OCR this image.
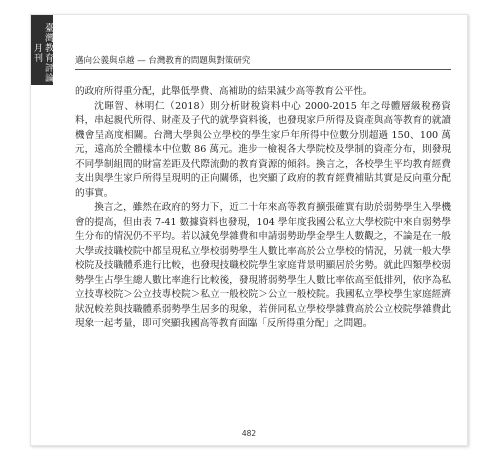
臺灣教育評論月刊	邁向公義與卓越 — 台灣教育的問題與對策研究

的政府所得重分配，此舉低學費、高補助的結果減少高等教育公平性。

沈暉智、林明仁（2018）則分析財稅資料中心 2000-2015 年之母體層級稅務資料，串起親代所得、財產及子代的就學資料後，也發現家戶所得及資產與高等教育的就讀機會呈高度相關。台灣大學與公立學校的學生家戶年所得中位數分別超過 150、100 萬元，遠高於全體樣本中位數 86 萬元。進步一檢視各大學院校及學制的資產分布，則發現不同學制組間的財富差距及代際流動的教育資源的傾斜。換言之，各校學生平均教育經費支出與學生家戶所得呈現明的正向關係，也突顯了政府的教育經費補貼其實是反向重分配的事實。

換言之，雖然在政府的努力下，近二十年來高等教育擴張確實有助於弱勢學生入學機會的提高，但由表 7-41 數據資料也發現，104 學年度我國公私立大學校院中來自弱勢學生分布的情況仍不平均。若以減免學雜費和申請弱勢助學金學生人數觀之，不論是在一般大學或技職校院中都呈現私立學校弱勢學生人數比率高於公立學校的情況，另就一般大學校院及技職體系進行比較，也發現技職校院學生家庭背景明顯居於劣勢。就此四類學校弱勢學生占學生總人數比率進行比較後，發現將弱勢學生人數比率依高至低排列，依序為私立技專校院＞公立技專校院＞私立一般校院＞公立一般校院。我國私立學校學生家庭經濟狀況較差與技職體系弱勢學生居多的現象，若併同私立學校學雜費高於公立校院學雜費此現象一起考量，即可突顯我國高等教育面臨「反所得重分配」之問題。

482
